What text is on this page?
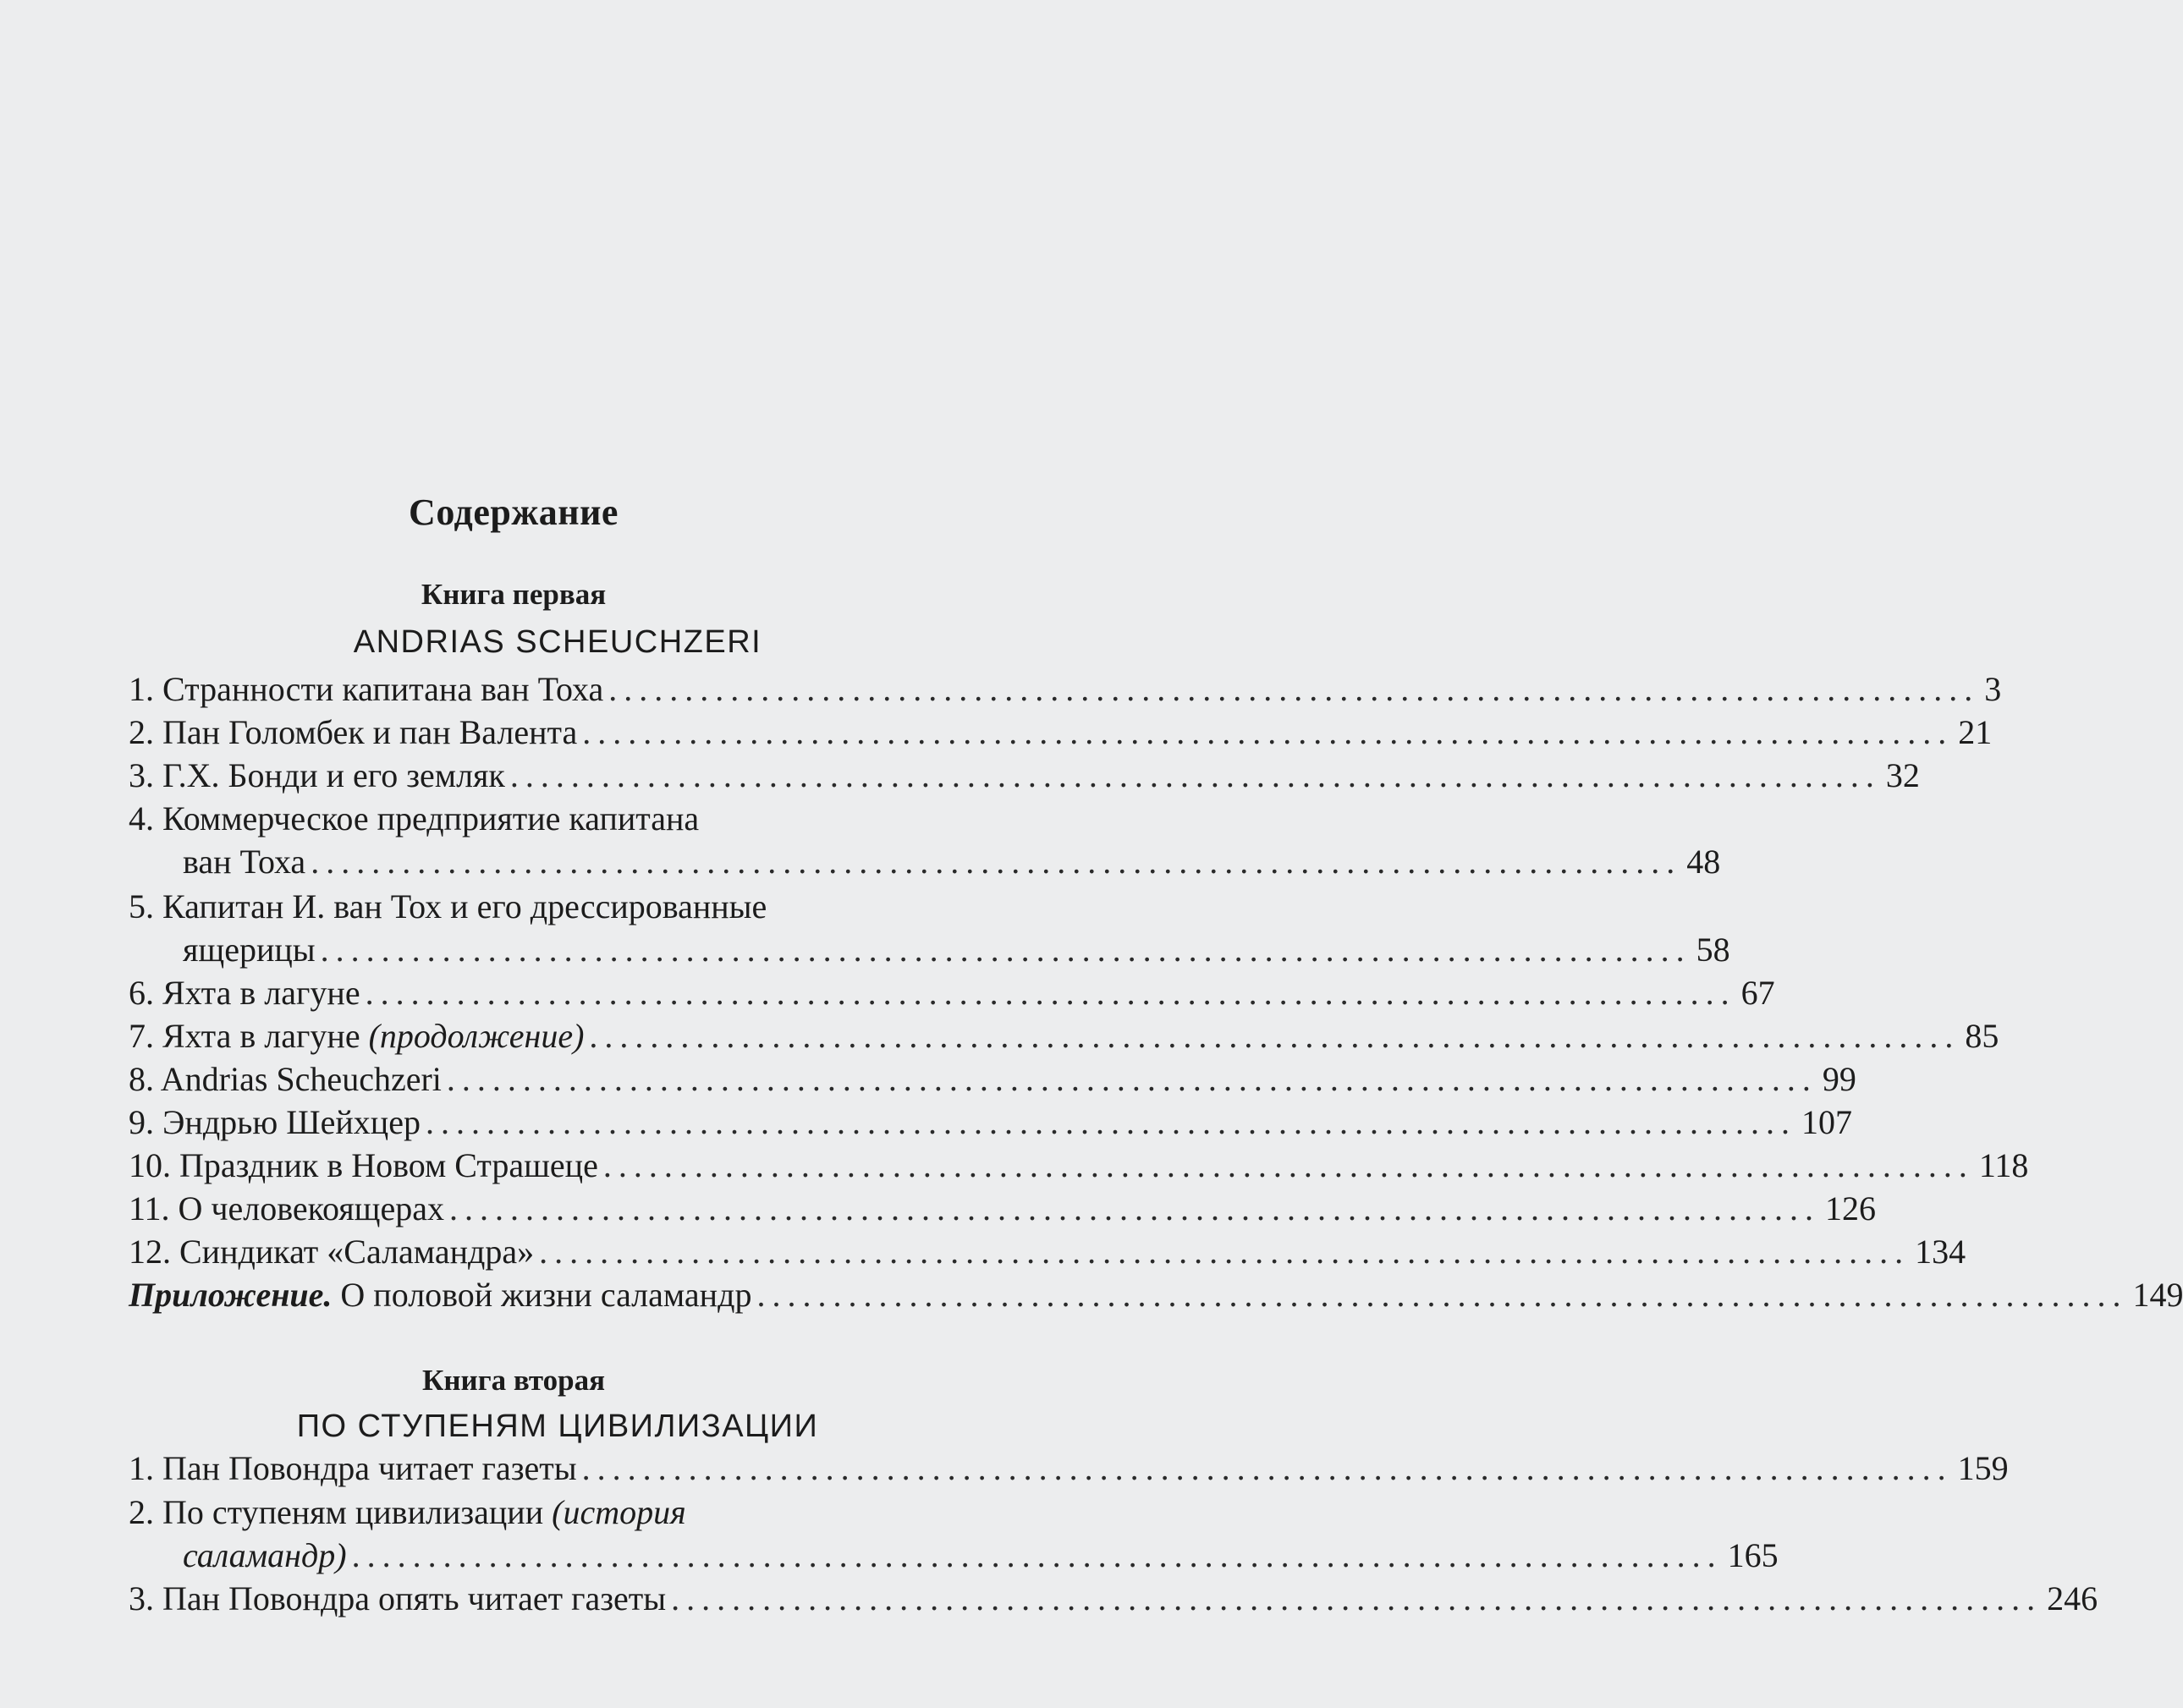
Содержание
Книга первая
ANDRIAS SCHEUCHZERI
1. Странности капитана ван Тоха .......................................................................................... 3
2. Пан Голомбек и пан Валента .......................................................................................... 21
3. Г.Х. Бонди и его земляк .......................................................................................... 32
4. Коммерческое предприятие капитана
ван Тоха .......................................................................................... 48
5. Капитан И. ван Тох и его дрессированные
ящерицы .......................................................................................... 58
6. Яхта в лагуне .......................................................................................... 67
7. Яхта в лагуне (продолжение) .......................................................................................... 85
8. Andrias Scheuchzeri .......................................................................................... 99
9. Эндрью Шейхцер .......................................................................................... 107
10. Праздник в Новом Страшеце .......................................................................................... 118
11. О человекоящерах .......................................................................................... 126
12. Синдикат «Саламандра» .......................................................................................... 134
Приложение. О половой жизни саламандр .......................................................................................... 149
Книга вторая
ПО СТУПЕНЯМ ЦИВИЛИЗАЦИИ
1. Пан Повондра читает газеты .......................................................................................... 159
2. По ступеням цивилизации (история
саламандр) .......................................................................................... 165
3. Пан Повондра опять читает газеты .......................................................................................... 246
